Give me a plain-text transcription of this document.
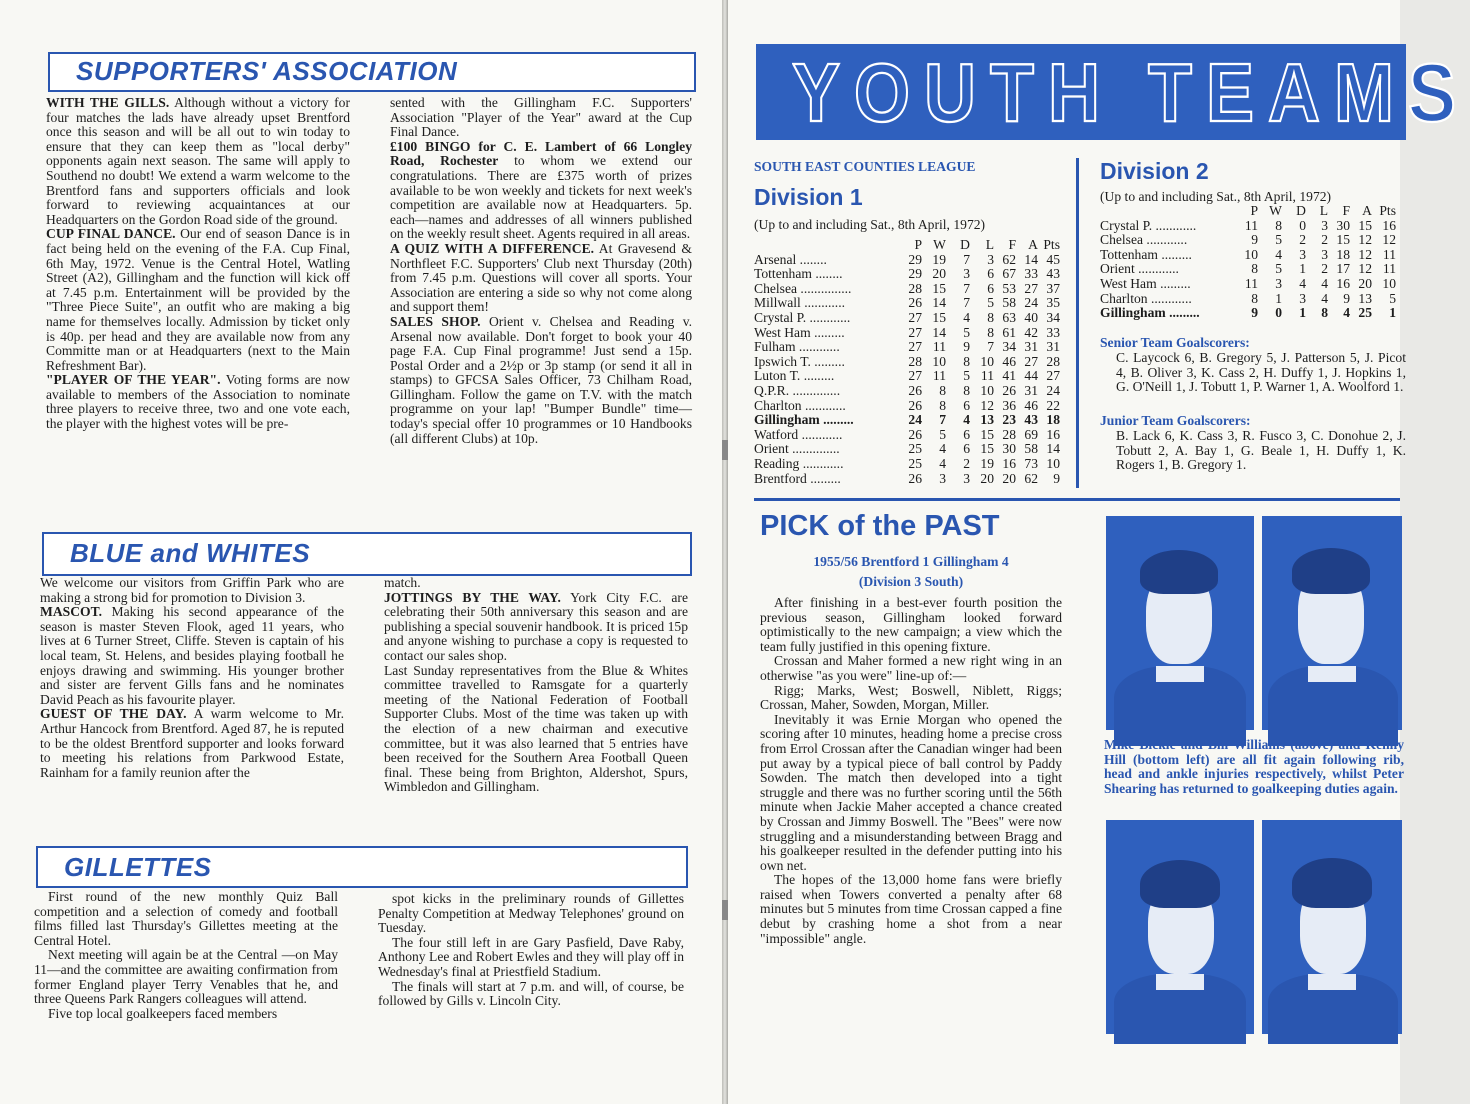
SUPPORTERS' ASSOCIATION

WITH THE GILLS. Although without a victory for four matches the lads have already upset Brentford once this season and will be all out to win today to ensure that they can keep them as "local derby" opponents again next season. The same will apply to Southend no doubt! We extend a warm welcome to the Brentford fans and supporters officials and look forward to reviewing acquaintances at our Headquarters on the Gordon Road side of the ground.

CUP FINAL DANCE. Our end of season Dance is in fact being held on the evening of the F.A. Cup Final, 6th May, 1972. Venue is the Central Hotel, Watling Street (A2), Gillingham and the function will kick off at 7.45 p.m. Entertainment will be provided by the "Three Piece Suite", an outfit who are making a big name for themselves locally. Admission by ticket only is 40p. per head and they are available now from any Committe man or at Headquarters (next to the Main Refreshment Bar).

"PLAYER OF THE YEAR". Voting forms are now available to members of the Association to nominate three players to receive three, two and one vote each, the player with the highest votes will be pre-

sented with the Gillingham F.C. Supporters' Association "Player of the Year" award at the Cup Final Dance.

£100 BINGO for C. E. Lambert of 66 Longley Road, Rochester to whom we extend our congratulations. There are £375 worth of prizes available to be won weekly and tickets for next week's competition are available now at Headquarters. 5p. each—names and addresses of all winners published on the weekly result sheet. Agents required in all areas.

A QUIZ WITH A DIFFERENCE. At Gravesend & Northfleet F.C. Supporters' Club next Thursday (20th) from 7.45 p.m. Questions will cover all sports. Your Association are entering a side so why not come along and support them!

SALES SHOP. Orient v. Chelsea and Reading v. Arsenal now available. Don't forget to book your 40 page F.A. Cup Final programme! Just send a 15p. Postal Order and a 2½p or 3p stamp (or send it all in stamps) to GFCSA Sales Officer, 73 Chilham Road, Gillingham. Follow the game on T.V. with the match programme on your lap! "Bumper Bundle" time—today's special offer 10 programmes or 10 Handbooks (all different Clubs) at 10p.

BLUE and WHITES

We welcome our visitors from Griffin Park who are making a strong bid for promotion to Division 3.

MASCOT. Making his second appearance of the season is master Steven Flook, aged 11 years, who lives at 6 Turner Street, Cliffe. Steven is captain of his local team, St. Helens, and besides playing football he enjoys drawing and swimming. His younger brother and sister are fervent Gills fans and he nominates David Peach as his favourite player.

GUEST OF THE DAY. A warm welcome to Mr. Arthur Hancock from Brentford. Aged 87, he is reputed to be the oldest Brentford supporter and looks forward to meeting his relations from Parkwood Estate, Rainham for a family reunion after the

match.

JOTTINGS BY THE WAY. York City F.C. are celebrating their 50th anniversary this season and are publishing a special souvenir handbook. It is priced 15p and anyone wishing to purchase a copy is requested to contact our sales shop.

Last Sunday representatives from the Blue & Whites committee travelled to Ramsgate for a quarterly meeting of the National Federation of Football Supporter Clubs. Most of the time was taken up with the election of a new chairman and executive committee, but it was also learned that 5 entries have been received for the Southern Area Football Queen final. These being from Brighton, Aldershot, Spurs, Wimbledon and Gillingham.

GILLETTES

First round of the new monthly Quiz Ball competition and a selection of comedy and football films filled last Thursday's Gillettes meeting at the Central Hotel.

Next meeting will again be at the Central —on May 11—and the committee are awaiting confirmation from former England player Terry Venables that he, and three Queens Park Rangers colleagues will attend.

Five top local goalkeepers faced members

spot kicks in the preliminary rounds of Gillettes Penalty Competition at Medway Telephones' ground on Tuesday.

The four still left in are Gary Pasfield, Dave Raby, Anthony Lee and Robert Ewles and they will play off in Wednesday's final at Priestfield Stadium.

The finals will start at 7 p.m. and will, of course, be followed by Gills v. Lincoln City.

YOUTH TEAMS
SOUTH EAST COUNTIES LEAGUE
Division 1
(Up to and including Sat., 8th April, 1972)
P W	D	L	F A Pts
Arsenal ........	29 19	7	3 62 14 45
Tottenham ........	29 20	3	6 67 33 43
Chelsea ...............	28 15	7	6 53 27 37
Millwall ............	26 14	7	5 58 24 35
Crystal P. ............	27 15	4	8 63 40 34
West Ham .........	27 14	5	8 61 42 33
Fulham ............	27 11	9	7 34 31 31
Ipswich T. .........	28 10	8 10 46 27 28
Luton T. .........	27 11	5 11 41 44 27
Q.P.R. ..............	26	8	8 10 26 31 24
Charlton ............	26	8	6 12 36 46 22
Gillingham .........	24	7	4 13 23 43 18
Watford ............	26	5	6 15 28 69 16
Orient ..............	25	4	6 15 30 58 14
Reading ............	25	4	2 19 16 73 10
Brentford .........	26	3	3 20 20 62	9
Division 2
(Up to and including Sat., 8th April, 1972)
P W	D	L	F A Pts
Crystal P. ............	11	8	0	3 30 15 16
Chelsea ............	9	5	2	2 15 12 12
Tottenham .........	10	4	3	3 18 12 11
Orient ............	8	5	1	2 17 12 11
West Ham .........	11	3	4	4 16 20 10
Charlton ............	8	1	3	4	9 13	5
Gillingham .........	9	0	1	8	4 25	1
Senior Team Goalscorers:
C. Laycock 6, B. Gregory 5, J. Patterson 5, J. Picot 4, B. Oliver 3, K. Cass 2, H. Duffy 1, J. Hopkins 1, G. O'Neill 1, J. Tobutt 1, P. Warner 1, A. Woolford 1.
Junior Team Goalscorers:
B. Lack 6, K. Cass 3, R. Fusco 3, C. Donohue 2, J. Tobutt 2, A. Bay 1, G. Beale 1, H. Duffy 1, K. Rogers 1, B. Gregory 1.
PICK of the PAST
1955/56 Brentford 1 Gillingham 4
(Division 3 South)

After finishing in a best-ever fourth position the previous season, Gillingham looked forward optimistically to the new campaign; a view which the team fully justified in this opening fixture.

Crossan and Maher formed a new right wing in an otherwise "as you were" line-up of:—

Rigg; Marks, West; Boswell, Niblett, Riggs; Crossan, Maher, Sowden, Morgan, Miller.

Inevitably it was Ernie Morgan who opened the scoring after 10 minutes, heading home a precise cross from Errol Crossan after the Canadian winger had been put away by a typical piece of ball control by Paddy Sowden. The match then developed into a tight struggle and there was no further scoring until the 56th minute when Jackie Maher accepted a chance created by Crossan and Jimmy Boswell. The "Bees" were now struggling and a misunderstanding between Bragg and his goalkeeper resulted in the defender putting into his own net.

The hopes of the 13,000 home fans were briefly raised when Towers converted a penalty after 68 minutes but 5 minutes from time Crossan capped a fine debut by crashing home a shot from a near "impossible" angle.

Mike Bickle and Bill Williams (above) and Kenny Hill (bottom left) are all fit again following rib, head and ankle injuries respectively, whilst Peter Shearing has returned to goalkeeping duties again.
